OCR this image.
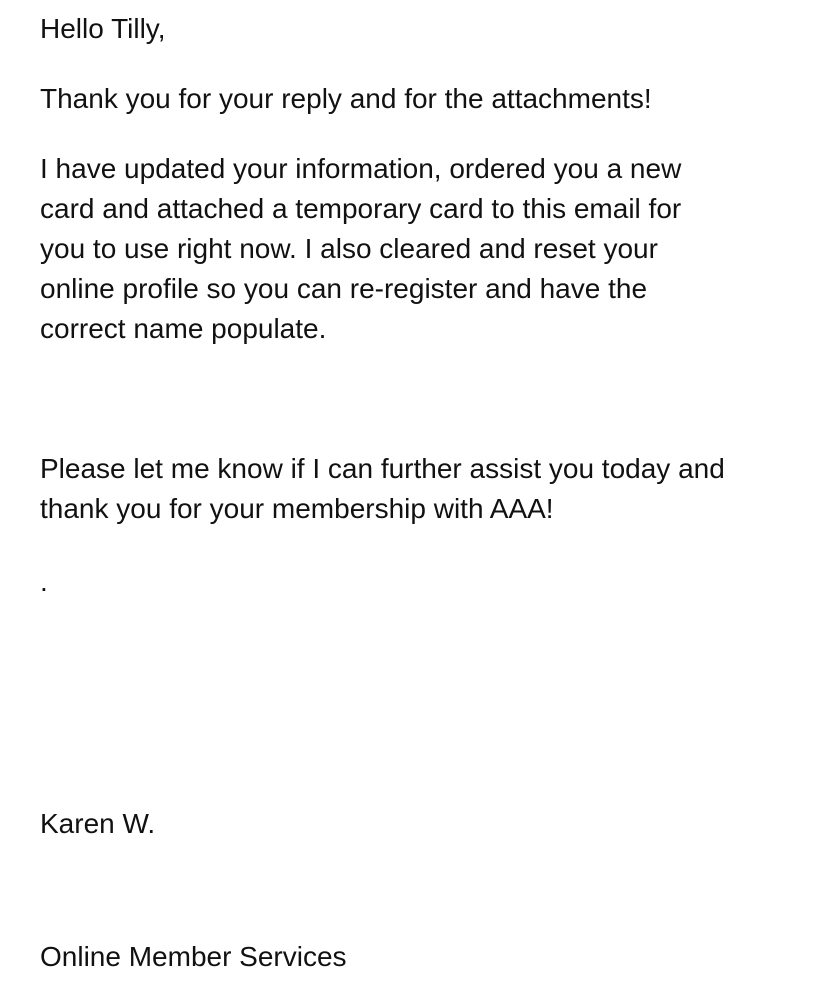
Hello Tilly,

Thank you for your reply and for the attachments!

I have updated your information, ordered you a new

card and attached a temporary card to this email for

you to use right now. I also cleared and reset your

online profile so you can re-register and have the

correct name populate.

Please let me know if I can further assist you today and

thank you for your membership with AAA!

.

Karen W.

Online Member Services
